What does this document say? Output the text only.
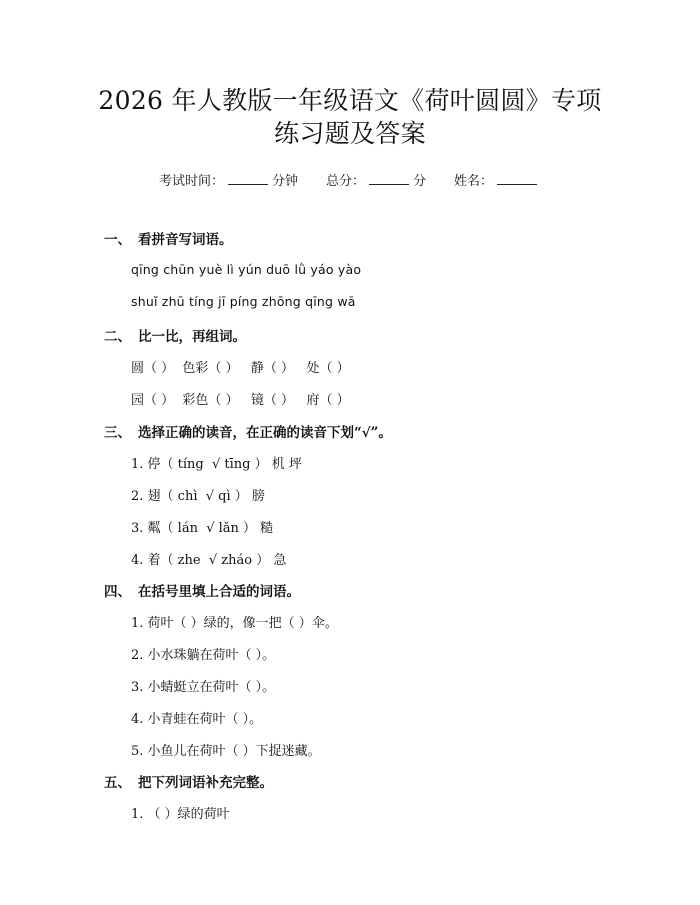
2026 年人教版一年级语文《荷叶圆圆》专项
练习题及答案
考试时间：	分钟 总分：	分 姓名：
一、 看拼音写词语。
qīng chūn yuè lì yún duō lǜ yáo yào
shuǐ zhū tíng jī píng zhōng qīng wā
二、 比一比，再组词。
圆（ ）  色彩（ ）   静（ ）   处（ ）
园（ ）  彩色（ ）   镜（ ）   府（ ）
三、 选择正确的读音，在正确的读音下划“√”。
1. 停（ tíng  √ tīng ） 机 坪
2. 翅（ chì  √ qì ） 膀
3. 粼（ lán  √ lǎn ） 糙
4. 着（ zhe  √ zháo ） 急
四、 在括号里填上合适的词语。
1. 荷叶（ ）绿的，像一把（ ）伞。
2. 小水珠躺在荷叶（ ）。
3. 小蜻蜓立在荷叶（ ）。
4. 小青蛙在荷叶（ ）。
5. 小鱼儿在荷叶（ ）下捉迷藏。
五、 把下列词语补充完整。
1. （ ）绿的荷叶
